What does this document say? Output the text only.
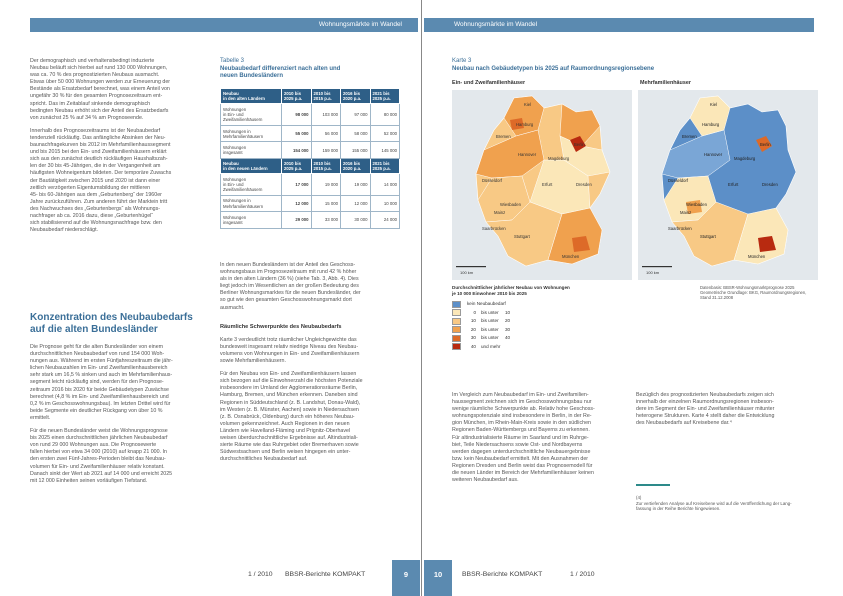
Wohnungsmärkte im Wandel	Wohnungsmärkte im Wandel

Der demographisch und verhaltensbedingt induzierte
Neubau beläuft sich hierbei auf rund 130 000 Wohnungen,
was ca. 70 % des prognostizierten Neubaus ausmacht.
Etwas über 50 000 Wohnungen werden zur Erneuerung der
Bestände als Ersatzbedarf berechnet, was einem Anteil von
ungefähr 30 % für den gesamten Prognosezeitraum ent-
spricht. Das im Zeitablauf sinkende demographisch
bedingten Neubau erhöht sich der Anteil des Ersatzbedarfs
von zunächst 25 % auf 34 % am Prognoseende.

Innerhalb des Prognosezeitraums ist der Neubaubedarf
tendenziell rückläufig. Das anfängliche Absinken der Neu-
baunachfragekurven bis 2012 im Mehrfamilienhaussegment
und bis 2015 bei den Ein- und Zweifamilienhäusern erklärt
sich aus den zunächst deutlich rückläufigen Haushaltszah-
len der 30 bis 45-Jährigen, die in der Vergangenheit am
häufigsten Wohneigentum bildeten. Der temporäre Zuwachs
der Bautätigkeit zwischen 2015 und 2020 ist dann einer
zeitlich verzögerten Eigentumsbildung der mittleren
45- bis 60-Jährigen aus dem „Geburtenberg“ der 1960er
Jahre zurückzuführen. Zum anderen führt der Marktein tritt
des Nachwuchses des „Geburtenbergs“ als Wohnungs-
nachfrager ab ca. 2016 dazu, diese „Geburtenhügel“
sich stabilisierend auf die Wohnungsnachfrage bzw. den
Neubaubedarf niederschlägt.

Konzentration des Neubaubedarfs
auf die alten Bundesländer

Die Prognose geht für die alten Bundesländer von einem
durchschnittlichen Neubaubedarf von rund 154 000 Woh-
nungen aus. Während im ersten Fünfjahreszeitraum die jähr-
lichen Neubauzahlen im Ein- und Zweifamilienhausbereich
sehr stark um 16,5 % sinken und auch im Mehrfamilienhaus-
segment leicht rückläufig sind, werden für den Prognose-
zeitraum 2016 bis 2020 für beide Gebäudetypen Zuwächse
berechnet (4,8 % im Ein- und Zweifamilienhausbereich und
0,2 % im Geschosswohnungsbau). Im letzten Drittel wird für
beide Segmente ein deutlicher Rückgang von über 10 %
ermittelt.

Für die neuen Bundesländer weist die Wohnungsprognose
bis 2025 einen durchschnittlichen jährlichen Neubaubedarf
von rund 29 000 Wohnungen aus. Die Prognosewerte
fallen hierbei von etwa 34 000 (2010) auf knapp 21 000. In
den ersten zwei Fünf-Jahres-Perioden bleibt das Neubau-
volumen für Ein- und Zweifamilienhäuser relativ konstant.
Danach sinkt der Wert ab 2021 auf 14 000 und erreicht 2025
mit 12 000 Einheiten seinen vorläufigen Tiefstand.

Tabelle 3
Neubaubedarf differenziert nach alten und
neuen Bundesländern
Neubau
in den alten Ländern	2010 bis
2025 p.a.	2010 bis
2015 p.a.	2016 bis
2020 p.a.	2021 bis
2025 p.a.
Wohnungen
in Ein- und
Zweifamilienhäusern	98 000	103 000	97 000	80 000
Wohnungen in
Mehrfamilienhäusern	55 000	56 000	58 000	52 000
Wohnungen
insgesamt	154 000	159 000	155 000	145 000
Neubau
in den neuen Ländern	2010 bis
2025 p.a.	2010 bis
2015 p.a.	2016 bis
2020 p.a.	2021 bis
2025 p.a.
Wohnungen
in Ein- und
Zweifamilienhäusern	17 000	19 000	19 000	14 000
Wohnungen in
Mehrfamilienhäusern	12 000	15 000	12 000	10 000
Wohnungen
insgesamt	29 000	33 000	30 000	24 000

In den neuen Bundesländern ist der Anteil des Geschoss-
wohnungsbaus im Prognosezeitraum mit rund 42 % höher
als in den alten Ländern (36 %) (siehe Tab. 3, Abb. 4). Dies
liegt jedoch im Wesentlichen an der großen Bedeutung des
Berliner Wohnungsmarktes für die neuen Bundesländer, der
so gut wie den gesamten Geschosswohnungsmarkt dort
ausmacht.

Räumliche Schwerpunkte des Neubaubedarfs

Karte 3 verdeutlicht trotz räumlicher Ungleichgewichte das
bundesweit insgesamt relativ niedrige Niveau des Neubau-
volumens von Wohnungen in Ein- und Zweifamilienhäusern
sowie Mehrfamilienhäusern.

Für den Neubau von Ein- und Zweifamilienhäusern lassen
sich bezogen auf die Einwohnerzahl die höchsten Potenziale
insbesondere im Umland der Agglomerationsräume Berlin,
Hamburg, Bremen, und München erkennen. Daneben sind
Regionen in Süddeutschland (z. B. Landshut, Donau-Wald),
im Westen (z. B. Münster, Aachen) sowie in Niedersachsen
(z. B. Osnabrück, Oldenburg) durch ein höheres Neubau-
volumen gekennzeichnet. Auch Regionen in den neuen
Ländern wie Havelland-Fläming und Prignitz-Oberhavel
weisen überdurchschnittliche Ergebnisse auf. Altindustriali-
sierte Räume wie das Ruhrgebiet oder Bremerhaven sowie
Südwestsachsen und Berlin weisen hingegen ein unter-
durchschnittliches Neubaubedarf auf.

Karte 3
Neubau nach Gebäudetypen bis 2025 auf Raumordnungsregionsebene
Ein- und Zweifamilienhäuser	Mehrfamilienhäuser
Kiel
Hamburg
Bremen
Hannover
Berlin
Magdeburg
Düsseldorf
Erfurt	Dresden
Wiesbaden
Mainz
Saarbrücken
Stuttgart
München
100 km
Kiel
Hamburg
Bremen
Hannover
Berlin
Magdeburg
Düsseldorf
Erfurt	Dresden
Wiesbaden
Mainz
Saarbrücken
Stuttgart
München
100 km
Durchschnittlicher jährlicher Neubau von Wohnungen
je 10 000 Einwohner 2010 bis 2025
kein Neubaubedarf
0 bis unter	10
10 bis unter	20
20 bis unter	30
30 bis unter	40
40 und mehr
Datenbasis: BBSR-Wohnungsmarktprognose 2025
Geometrische Grundlage: BKG, Raumordnungsregionen,
Stand 31.12.2008

Im Vergleich zum Neubaubedarf im Ein- und Zweifamilien-
haussegment zeichnen sich im Geschosswohnungsbau nur
wenige räumliche Schwerpunkte ab. Relativ hohe Geschoss-
wohnungspotenziale sind insbesondere in Berlin, in der Re-
gion München, im Rhein-Main-Kreis sowie in den südlichen
Regionen Baden-Württembergs und Bayerns zu erkennen.
Für altindustrialisierte Räume im Saarland und im Ruhrge-
biet, Teile Niedersachsens sowie Ost- und Nordbayerns
werden dagegen unterdurchschnittliche Neubauergebnisse
bzw. kein Neubaubedarf ermittelt. Mit den Ausnahmen der
Regionen Dresden und Berlin weist das Prognosemodell für
die neuen Länder im Bereich der Mehrfamilienhäuser keinen
weiteren Neubaubedarf aus.

Bezüglich des prognostizierten Neubaubedarfs zeigen sich
innerhalb der einzelnen Raumordnungsregionen insbeson-
dere im Segment der Ein- und Zweifamilienhäuser mitunter
heterogene Strukturen. Karte 4 stellt daher die Entwicklung
des Neubaubedarfs auf Kreisebene dar.⁴

(4)
Zur vertiefenden Analyse auf Kreisebene wird auf die Veröffentlichung der Lang-
fassung in der Reihe Berichte hingewiesen.
1 / 2010 BBSR-Berichte KOMPAKT	9	10	BBSR-Berichte KOMPAKT	1 / 2010
